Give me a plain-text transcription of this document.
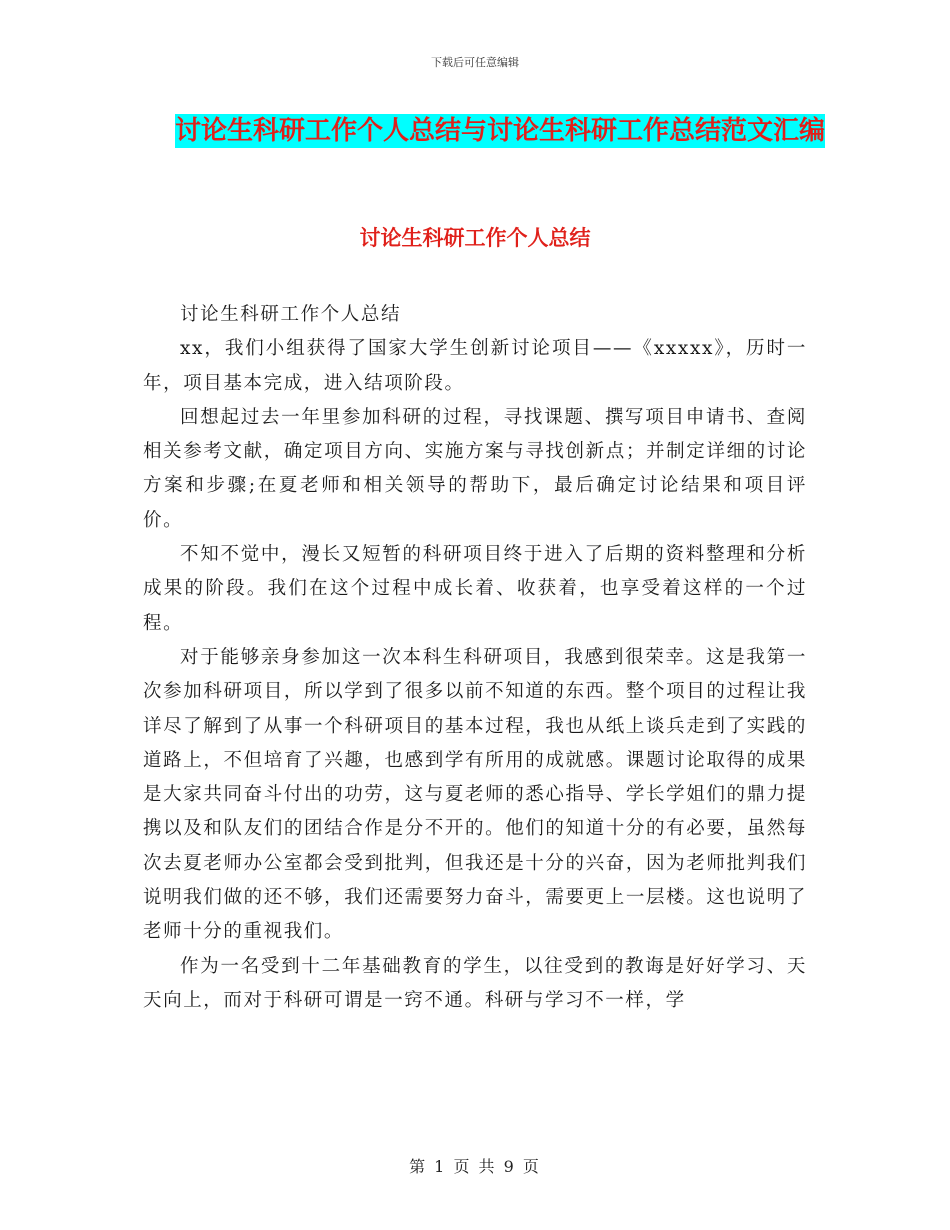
下载后可任意编辑
讨论生科研工作个人总结与讨论生科研工作总结范文汇编
讨论生科研工作个人总结

讨论生科研工作个人总结

xx，我们小组获得了国家大学生创新讨论项目——《xxxxx》，历时一年，项目基本完成，进入结项阶段。

回想起过去一年里参加科研的过程，寻找课题、撰写项目申请书、查阅相关参考文献，确定项目方向、实施方案与寻找创新点；并制定详细的讨论方案和步骤;在夏老师和相关领导的帮助下，最后确定讨论结果和项目评价。

不知不觉中，漫长又短暂的科研项目终于进入了后期的资料整理和分析成果的阶段。我们在这个过程中成长着、收获着，也享受着这样的一个过程。

对于能够亲身参加这一次本科生科研项目，我感到很荣幸。这是我第一次参加科研项目，所以学到了很多以前不知道的东西。整个项目的过程让我详尽了解到了从事一个科研项目的基本过程，我也从纸上谈兵走到了实践的道路上，不但培育了兴趣，也感到学有所用的成就感。课题讨论取得的成果是大家共同奋斗付出的功劳，这与夏老师的悉心指导、学长学姐们的鼎力提携以及和队友们的团结合作是分不开的。他们的知道十分的有必要，虽然每次去夏老师办公室都会受到批判，但我还是十分的兴奋，因为老师批判我们说明我们做的还不够，我们还需要努力奋斗，需要更上一层楼。这也说明了老师十分的重视我们。

作为一名受到十二年基础教育的学生，以往受到的教诲是好好学习、天天向上，而对于科研可谓是一窍不通。科研与学习不一样，学

第 1 页 共 9 页
